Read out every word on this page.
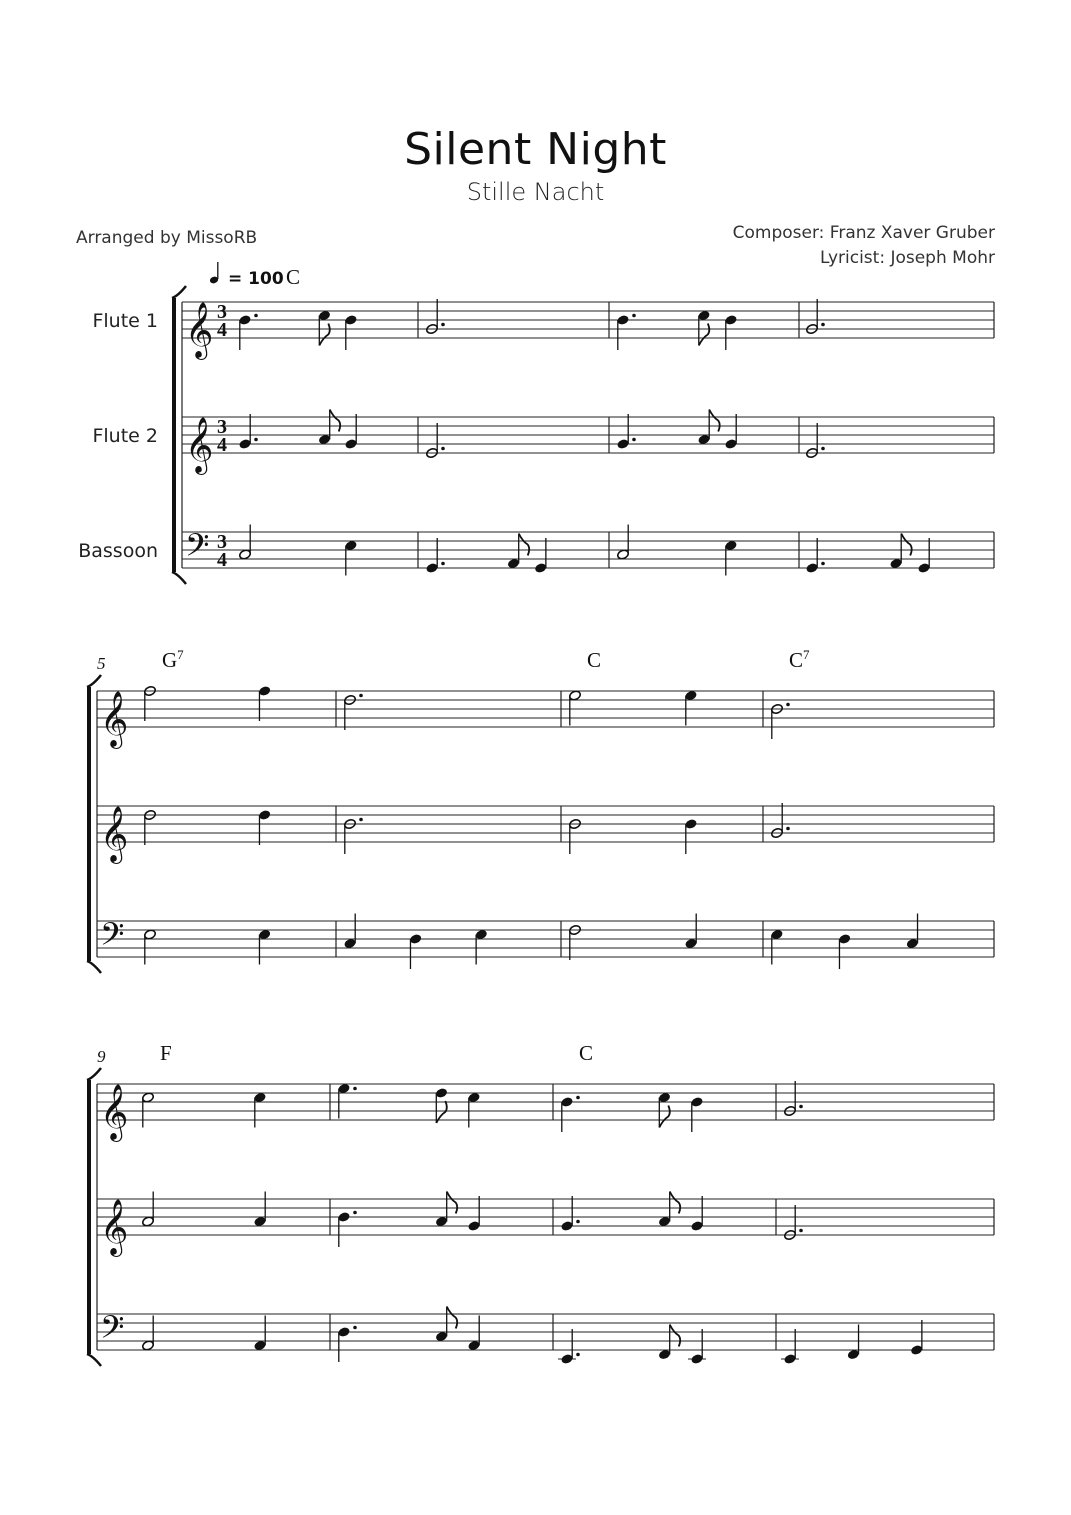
Silent Night
Stille Nacht
Arranged by MissoRB	Composer: Franz Xaver Gruber
Lyricist: Joseph Mohr
𝄞 3
4
Flute 1
𝄞 3
4
Flute 2
𝄢 3
4
Bassoon
= 100 C
𝄞
𝄞
𝄢
5	$G^7$	C	$C^7$
𝄞
𝄞
𝄢
9	F	C
